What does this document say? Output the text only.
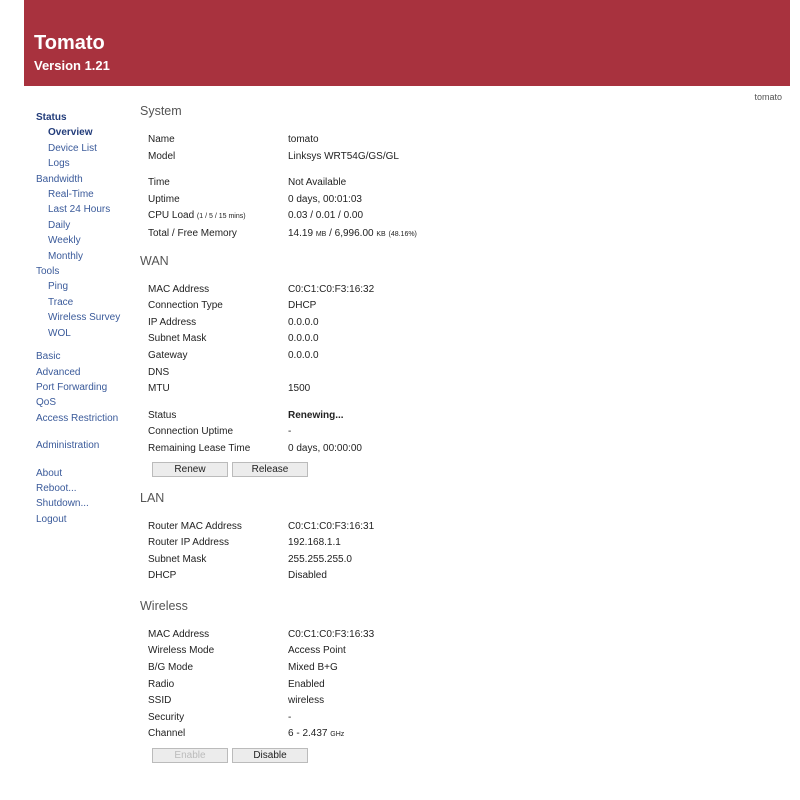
Tomato
Version 1.21
tomato
Status
Overview
Device List
Logs
Bandwidth
Real-Time
Last 24 Hours
Daily
Weekly
Monthly
Tools
Ping
Trace
Wireless Survey
WOL
Basic
Advanced
Port Forwarding
QoS
Access Restriction
Administration
About
Reboot...
Shutdown...
Logout
System
Name	tomato
Model	Linksys WRT54G/GS/GL
Time	Not Available
Uptime	0 days, 00:01:03
CPU Load (1 / 5 / 15 mins)	0.03 / 0.01 / 0.00
Total / Free Memory	14.19 MB / 6,996.00 KB (48.16%)
WAN
MAC Address	C0:C1:C0:F3:16:32
Connection Type	DHCP
IP Address	0.0.0.0
Subnet Mask	0.0.0.0
Gateway	0.0.0.0
DNS
MTU	1500
Status	Renewing...
Connection Uptime	-
Remaining Lease Time	0 days, 00:00:00
Renew	Release
LAN
Router MAC Address	C0:C1:C0:F3:16:31
Router IP Address	192.168.1.1
Subnet Mask	255.255.255.0
DHCP	Disabled
Wireless
MAC Address	C0:C1:C0:F3:16:33
Wireless Mode	Access Point
B/G Mode	Mixed B+G
Radio	Enabled
SSID	wireless
Security	-
Channel	6 - 2.437 GHz
Enable	Disable
